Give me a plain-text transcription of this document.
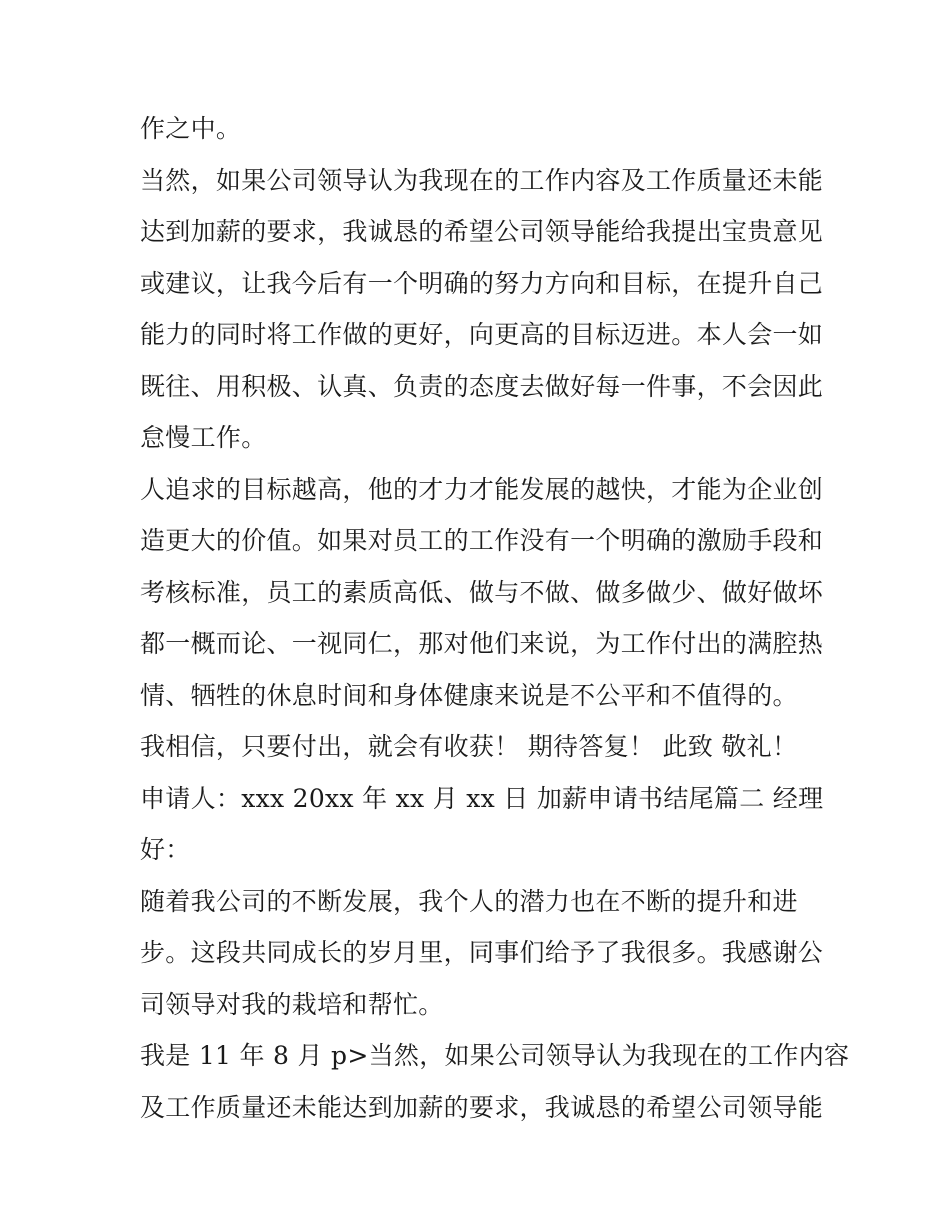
作之中。
当然，如果公司领导认为我现在的工作内容及工作质量还未能
达到加薪的要求，我诚恳的希望公司领导能给我提出宝贵意见
或建议，让我今后有一个明确的努力方向和目标，在提升自己
能力的同时将工作做的更好，向更高的目标迈进。本人会一如
既往、用积极、认真、负责的态度去做好每一件事，不会因此
怠慢工作。
人追求的目标越高，他的才力才能发展的越快，才能为企业创
造更大的价值。如果对员工的工作没有一个明确的激励手段和
考核标准，员工的素质高低、做与不做、做多做少、做好做坏
都一概而论、一视同仁，那对他们来说，为工作付出的满腔热
情、牺牲的休息时间和身体健康来说是不公平和不值得的。
我相信，只要付出，就会有收获！ 期待答复！ 此致 敬礼！
申请人：xxx 20xx 年 xx 月 xx 日 加薪申请书结尾篇二 经理
好：
随着我公司的不断发展，我个人的潜力也在不断的提升和进
步。这段共同成长的岁月里，同事们给予了我很多。我感谢公
司领导对我的栽培和帮忙。
我是 11 年 8 月 p>当然，如果公司领导认为我现在的工作内容
及工作质量还未能达到加薪的要求，我诚恳的希望公司领导能
